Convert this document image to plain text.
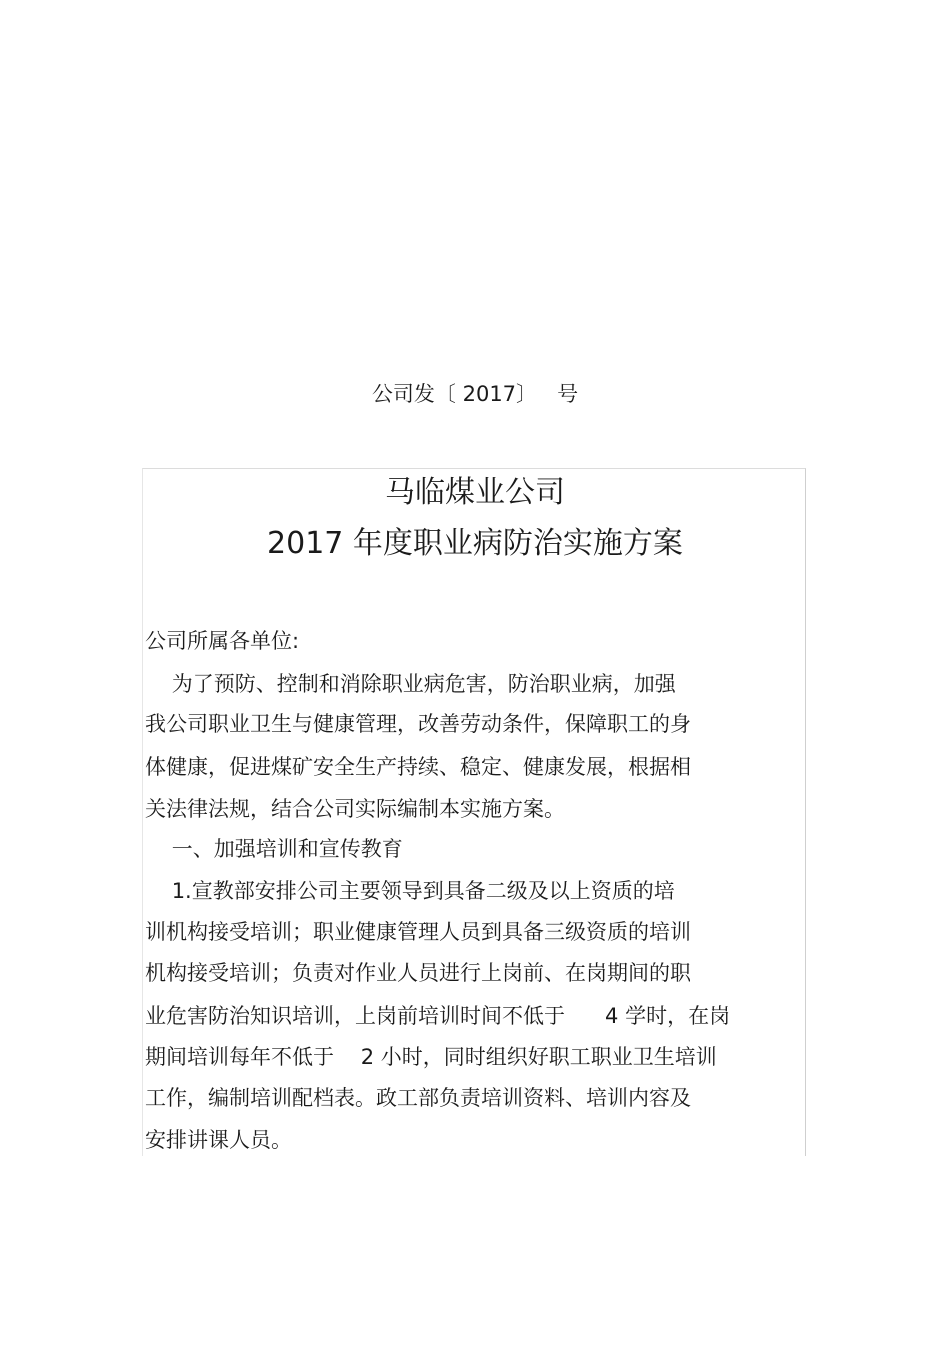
公司发〔 2017〕   号
马临煤业公司
2017 年度职业病防治实施方案
公司所属各单位:
为了预防、控制和消除职业病危害，防治职业病，加强
我公司职业卫生与健康管理，改善劳动条件，保障职工的身
体健康，促进煤矿安全生产持续、稳定、健康发展，根据相
关法律法规，结合公司实际编制本实施方案。
一、加强培训和宣传教育
1.宣教部安排公司主要领导到具备二级及以上资质的培
训机构接受培训；职业健康管理人员到具备三级资质的培训
机构接受培训；负责对作业人员进行上岗前、在岗期间的职
业危害防治知识培训，上岗前培训时间不低于      4 学时，在岗
期间培训每年不低于    2 小时，同时组织好职工职业卫生培训
工作，编制培训配档表。政工部负责培训资料、培训内容及
安排讲课人员。
